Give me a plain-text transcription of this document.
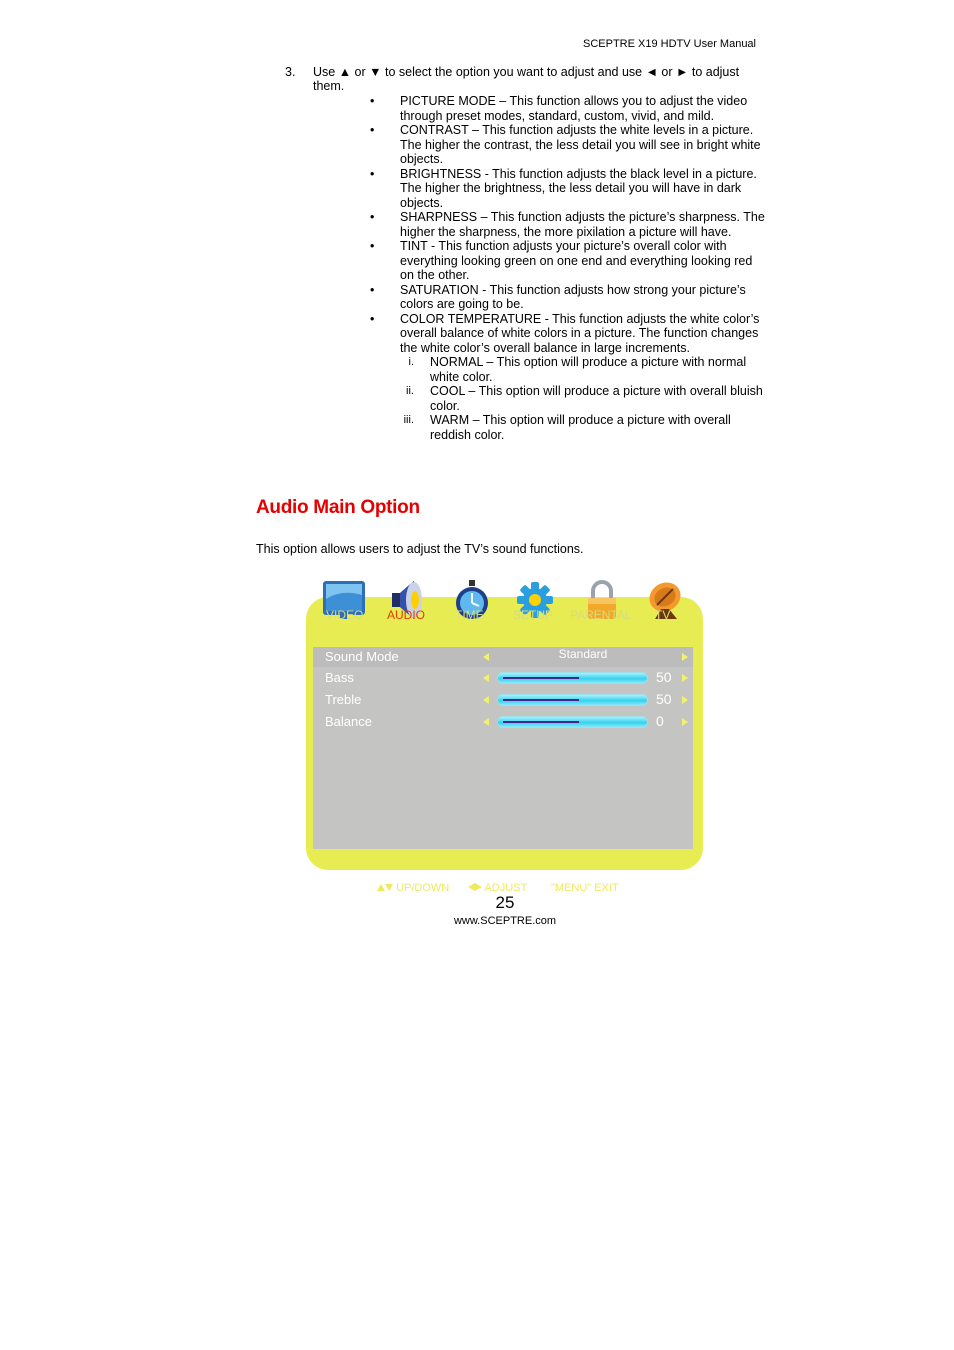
SCEPTRE X19 HDTV User Manual
3. Use ▲ or ▼ to select the option you want to adjust and use ◄ or ► to adjust them.
• PICTURE MODE – This function allows you to adjust the video through preset modes, standard, custom, vivid, and mild.
• CONTRAST – This function adjusts the white levels in a picture. The higher the contrast, the less detail you will see in bright white objects.
• BRIGHTNESS - This function adjusts the black level in a picture. The higher the brightness, the less detail you will have in dark objects.
• SHARPNESS – This function adjusts the picture’s sharpness. The higher the sharpness, the more pixilation a picture will have.
• TINT - This function adjusts your picture’s overall color with everything looking green on one end and everything looking red on the other.
• SATURATION - This function adjusts how strong your picture’s colors are going to be.
• COLOR TEMPERATURE - This function adjusts the white color’s overall balance of white colors in a picture. The function changes the white color’s overall balance in large increments.
i. NORMAL – This option will produce a picture with normal white color.
ii. COOL – This option will produce a picture with overall bluish color.
iii. WARM – This option will produce a picture with overall reddish color.
Audio Main Option
This option allows users to adjust the TV’s sound functions.
VIDEO AUDIO TIME SETUP PARENTAL TV
Sound Mode	Standard
Bass	50
Treble	50
Balance	0
UP/DOWN	ADJUST "MENU" EXIT
25
www.SCEPTRE.com
